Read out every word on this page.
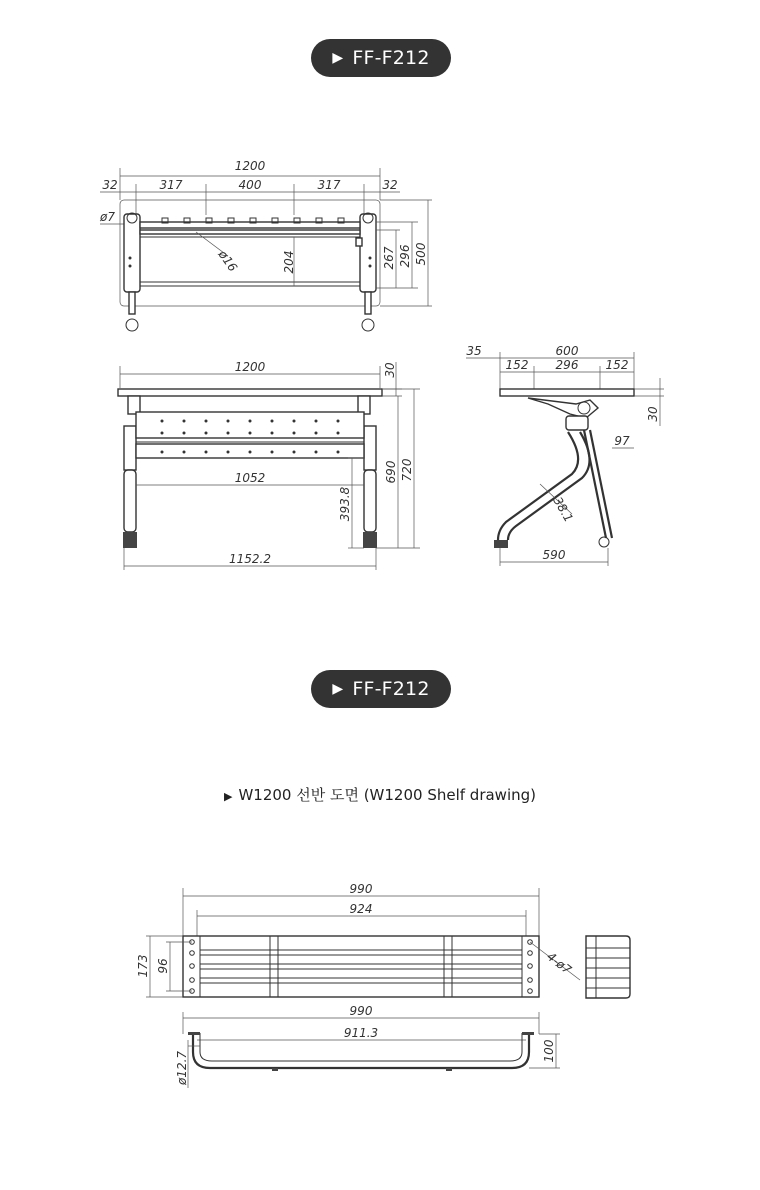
▶ FF-F212
▶ FF-F212
▶ W1200 선반 도면 (W1200 Shelf drawing)
1200
32	317	400	317	32
ø7
ø16	204	267 296 500
1200	30
1052
393.8
690 720
1152.2
35	600
152 296 152
30
97
38.1
590
990
924
4-ø7
173 96
990
911.3
100
ø12.7
